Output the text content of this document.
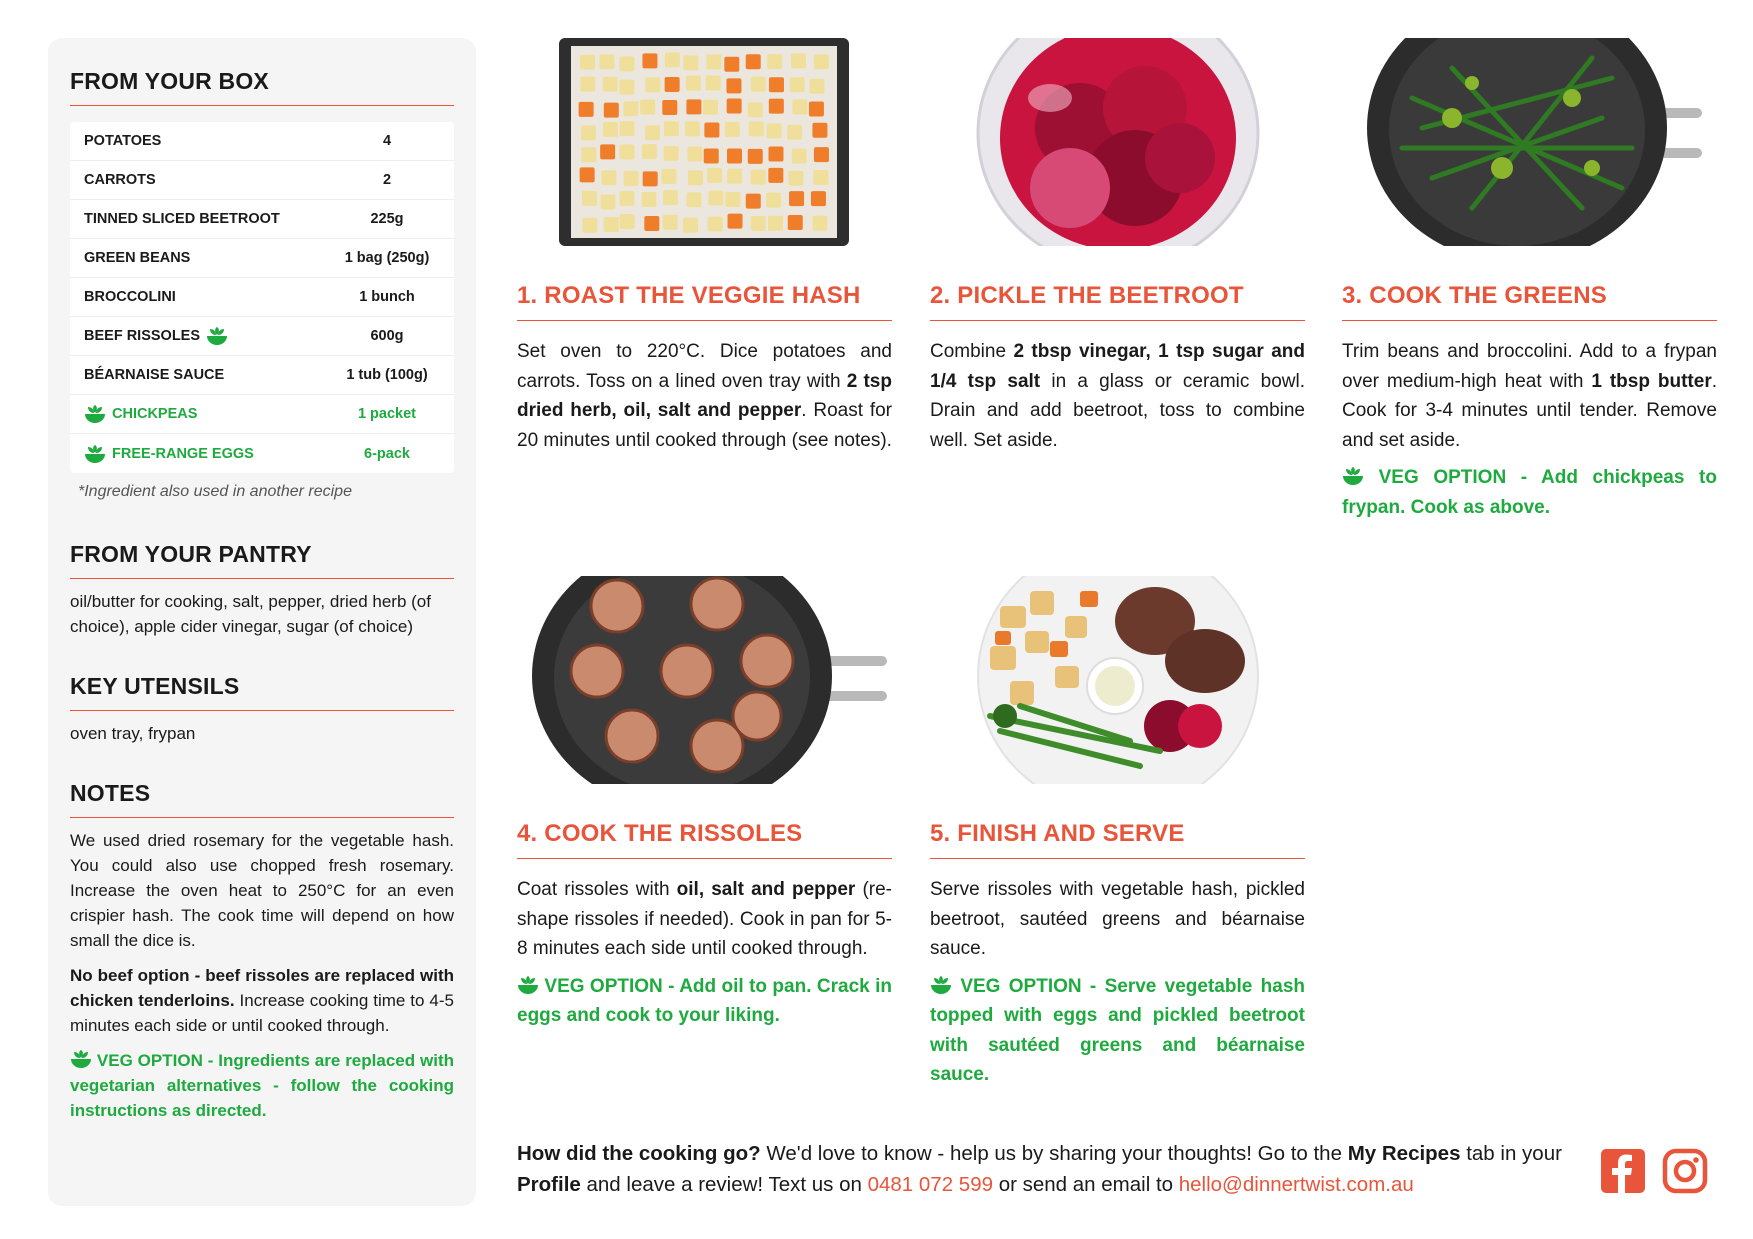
FROM YOUR BOX
POTATOES	4
CARROTS	2
TINNED SLICED BEETROOT	225g
GREEN BEANS	1 bag (250g)
BROCCOLINI	1 bunch
BEEF RISSOLES	600g
BÉARNAISE SAUCE	1 tub (100g)
CHICKPEAS	1 packet
FREE-RANGE EGGS	6-pack
*Ingredient also used in another recipe
FROM YOUR PANTRY
oil/butter for cooking, salt, pepper, dried herb (of choice), apple cider vinegar, sugar (of choice)
KEY UTENSILS
oven tray, frypan
NOTES
We used dried rosemary for the vegetable hash. You could also use chopped fresh rosemary. Increase the oven heat to 250°C for an even crispier hash. The cook time will depend on how small the dice is.
No beef option - beef rissoles are replaced with chicken tenderloins. Increase cooking time to 4-5 minutes each side or until cooked through.
VEG OPTION - Ingredients are replaced with vegetarian alternatives - follow the cooking instructions as directed.
1. ROAST THE VEGGIE HASH
Set oven to 220°C. Dice potatoes and carrots. Toss on a lined oven tray with 2 tsp dried herb, oil, salt and pepper. Roast for 20 minutes until cooked through (see notes).
2. PICKLE THE BEETROOT
Combine 2 tbsp vinegar, 1 tsp sugar and 1/4 tsp salt in a glass or ceramic bowl. Drain and add beetroot, toss to combine well. Set aside.
3. COOK THE GREENS
Trim beans and broccolini. Add to a frypan over medium-high heat with 1 tbsp butter. Cook for 3-4 minutes until tender. Remove and set aside.
VEG OPTION - Add chickpeas to frypan. Cook as above.
4. COOK THE RISSOLES
Coat rissoles with oil, salt and pepper (re-shape rissoles if needed). Cook in pan for 5-8 minutes each side until cooked through.
VEG OPTION - Add oil to pan. Crack in eggs and cook to your liking.
5. FINISH AND SERVE
Serve rissoles with vegetable hash, pickled beetroot, sautéed greens and béarnaise sauce.
VEG OPTION - Serve vegetable hash topped with eggs and pickled beetroot with sautéed greens and béarnaise sauce.
How did the cooking go? We'd love to know - help us by sharing your thoughts! Go to the My Recipes tab in your Profile and leave a review! Text us on 0481 072 599 or send an email to hello@dinnertwist.com.au
